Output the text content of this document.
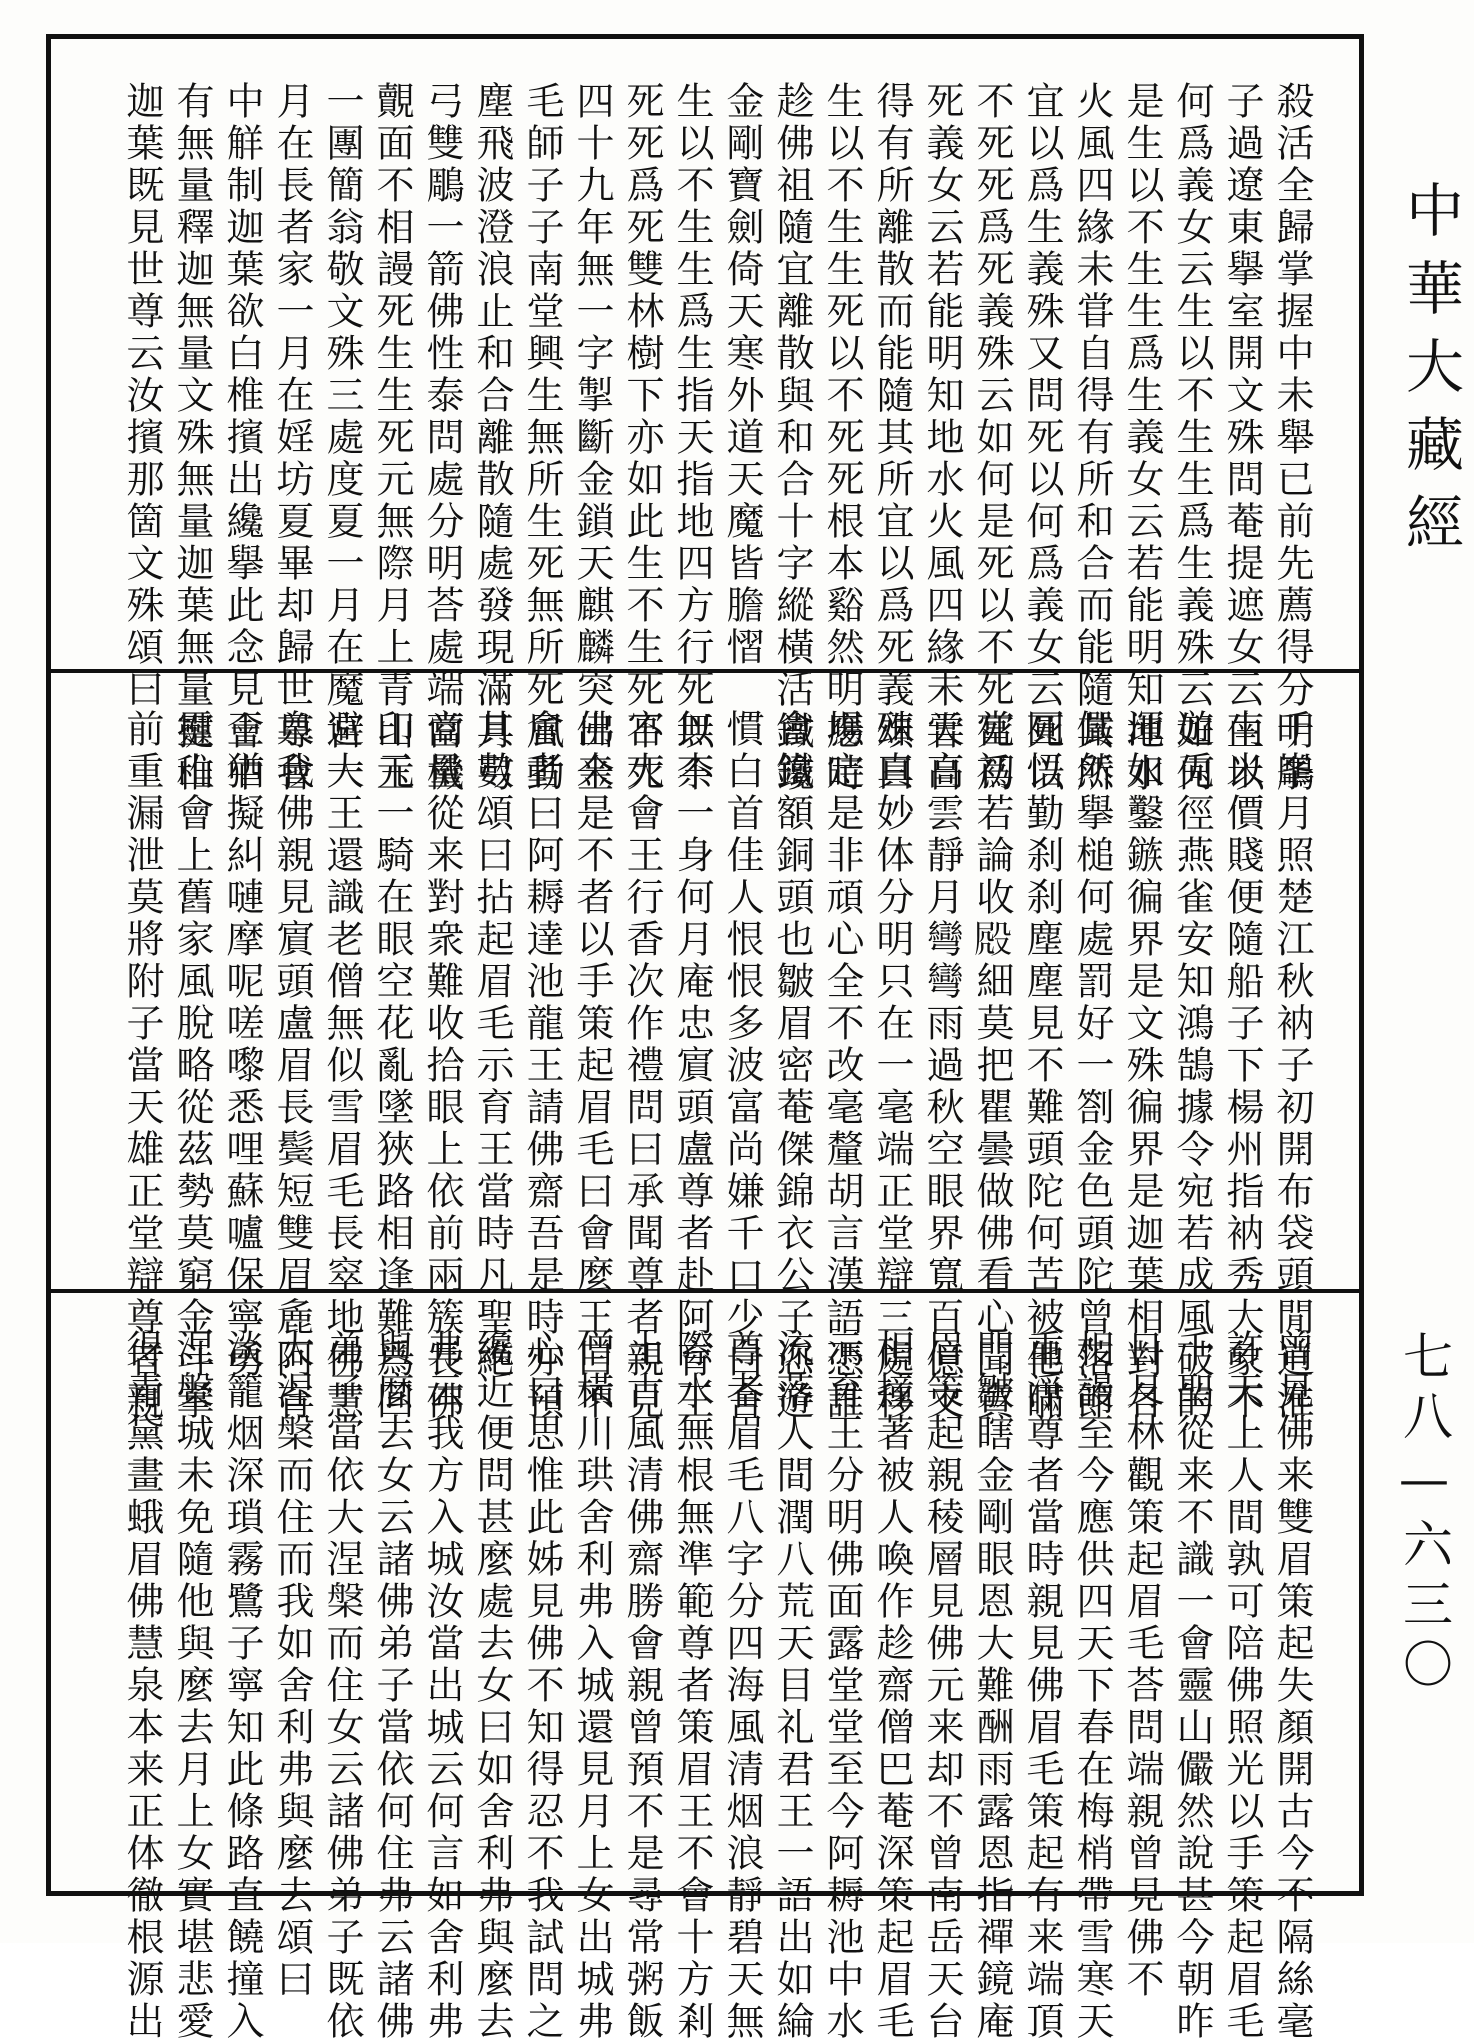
殺活全歸掌握中未舉已前先薦得分明鵰
子過遼東擧室開文殊問菴提遮女云生以
何爲義女云生以不生生爲生義殊云如何
是生以不生生爲生義女云若能明知地水
火風四緣未甞自得有所和合而能隨其所
宜以爲生義殊又問死以何爲義女云死以
不死死爲死義殊云如何是死以不死死爲
死義女云若能明知地水火風四緣未甞自
得有所離散而能隨其所宜以爲死義頌曰
生以不生生死以不死死根本谿然明應時
趁佛祖隨宜離散與和合十字縱橫活鐵鑱
金剛寶劍倚天寒外道天魔皆膽慴
生以不生生爲生指天指地四方行死以不
死死爲死雙林樹下亦如此生不生死不死
四十九年無一字掣斷金鎖天麒麟突出金
毛師子子南堂興生無所生死無所死風動
塵飛波澄浪止和合離散隨處發現滿月弓
弓雙鵰一箭佛性泰問處分明荅處端當機
覿面不相謾死生生死元無際月上青山玉
一團簡翁敬文殊三處度夏一月在魔宮一
月在長者家一月在婬坊夏畢却歸世尊會
中觧制迦葉欲白椎擯出纔擧此念見會中
有無量釋迦無量文殊無量迦葉無量揵稚
迦葉既見世尊云汝擯那箇文殊頌曰
千峯月照楚江秋衲子初開布袋頭閒逍淮
南米價賤便隨船子下楊州指衲秀大象不
遊兎徑燕雀安知鴻鵠據令宛若成風破的
渾如鑿鏃徧界是文殊徧界是迦葉相對各
儼然擧槌何處罰好一劄金色頭陀曾落節
圓悟勤刹刹塵塵見不難頭陀何苦被他瞞
當初若論收𣪍細莫把瞿曇做佛看心聞賁
天高雲靜月彎彎雨過秋空眼界寬百億文
殊真妙体分明只在一毫端正堂辯三處移
場定是非頑心全不改毫釐胡言漢語憑誰
會鐵額銅頭也皺眉密菴傑錦衣公子恣遊
慣白首佳人恨恨多波富尚嫌千口少白舍
無柰一身何月庵忠賔頭盧尊者赴阿育王
宮大會王行香次作禮問曰承聞尊者親見
佛来是不者以手策起眉毛曰會麼王曰不
會者曰阿耨達池龍王請佛齋吾是時亦預
其數頌曰拈起眉毛示育王當時凡聖絶
商量從来對衆難收拾眼上依前兩簇長佛
印元一騎在眼空花亂墜狹路相逢難爲回
避大王還識老僧無似雪眉毛長窣地佛慧
泉我佛親見賔頭盧眉長鬓短雙眉麁阿育
王猶擬糾嗹摩呢嗟嚟悉哩蘇嚧保寧勇
靈山會上舊家風脫略從茲勢莫窮金斗掌
前重漏泄莫將附子當天雄正堂辯尊者親
曾見佛来雙眉策起失顏開古今不隔絲毫
許天上人間孰可陪佛照光以手策起眉毛
千聖從来不識一會靈山儼然說甚今朝昨
日月林觀策起眉毛荅問端親曾見佛不
相謾至今應供四天下春在梅梢帶雪寒天
重淨尊者當時親見佛眉毛策起有来端頂
門皺瞎金剛眼恩大難酬雨露恩指禪鏡庵
眉策起親稜層見佛元来却不曾南岳天台
相撞著被人喚作趁齋僧巴菴深策起眉毛
示育王分明佛面露堂堂至今阿耨池中水
流落人間潤八荒天目礼君王一語出如綸
尊者眉毛八字分四海風清烟浪靜碧天無
際水無根無準範尊者策眉王不會十方剎
土古風清佛齋勝會親曾預不是尋常粥飯
僧橫川珙舍利弗入城還見月上女出城弗
心口思惟此姊見佛不知得忍不我試問之
纔近便問甚麼處去女曰如舍利弗與麼去
弗云我方入城汝當出城云何言如舍利弗
與麼去女云諸佛弟子當依何住弗云諸佛
弟子當依大涅槃而住女云諸佛弟子既依
大涅槃而住而我如舍利弗與麼去頌曰
淡籠烟深瑣霧鷺子寧知此條路直饒撞入
涅槃城未免隨他與麼去月上女實堪悲愛
得青黛畫蛾眉佛慧泉本来正体徹根源出
中華大藏經
七八—六三〇
